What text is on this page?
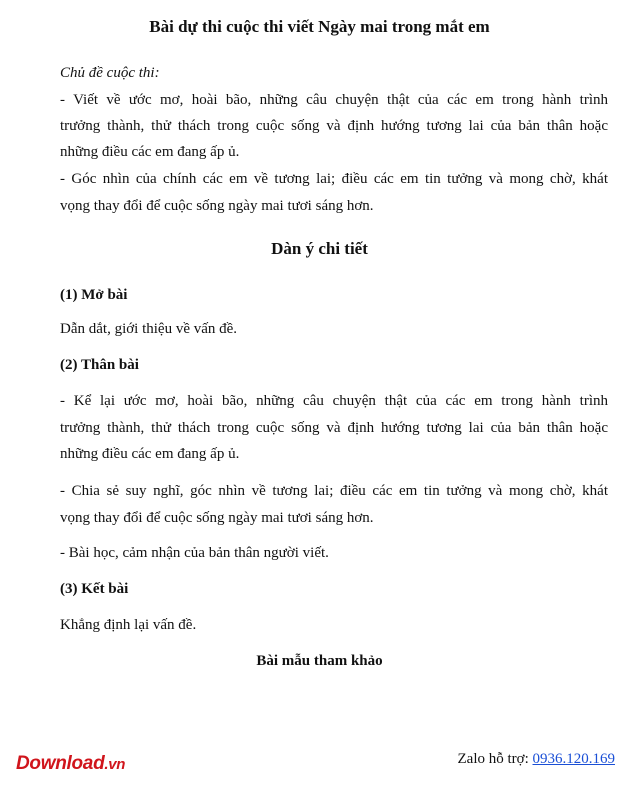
Bài dự thi cuộc thi viết Ngày mai trong mắt em
Chủ đề cuộc thi:
- Viết về ước mơ, hoài bão, những câu chuyện thật của các em trong hành trình
trưởng thành, thử thách trong cuộc sống và định hướng tương lai của bản thân hoặc
những điều các em đang ấp ủ.
- Góc nhìn của chính các em về tương lai; điều các em tin tưởng và mong chờ, khát
vọng thay đổi để cuộc sống ngày mai tươi sáng hơn.
Dàn ý chi tiết
(1) Mở bài
Dẫn dắt, giới thiệu về vấn đề.
(2) Thân bài
- Kể lại ước mơ, hoài bão, những câu chuyện thật của các em trong hành trình
trưởng thành, thử thách trong cuộc sống và định hướng tương lai của bản thân hoặc
những điều các em đang ấp ủ.
- Chia sẻ suy nghĩ, góc nhìn về tương lai; điều các em tin tưởng và mong chờ, khát
vọng thay đổi để cuộc sống ngày mai tươi sáng hơn.
- Bài học, cảm nhận của bản thân người viết.
(3) Kết bài
Khẳng định lại vấn đề.
Bài mẫu tham khảo
Download.vn	Zalo hỗ trợ: 0936.120.169
